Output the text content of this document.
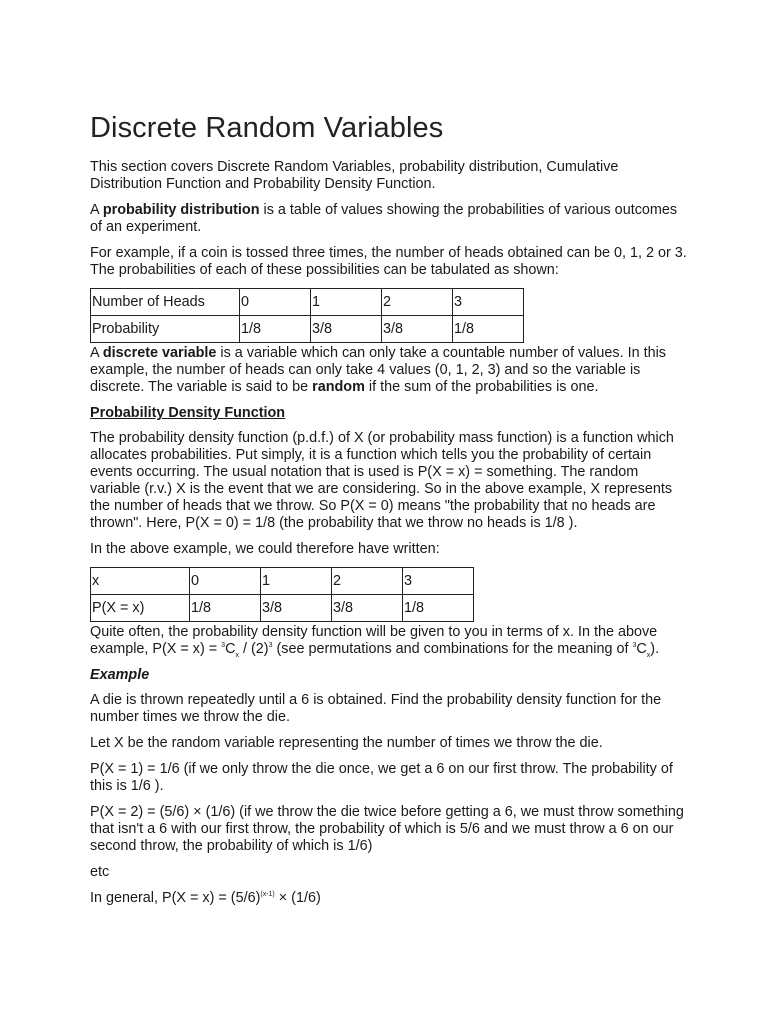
Discrete Random Variables

This section covers Discrete Random Variables, probability distribution, Cumulative Distribution Function and Probability Density Function.

A probability distribution is a table of values showing the probabilities of various outcomes of an experiment.

For example, if a coin is tossed three times, the number of heads obtained can be 0, 1, 2 or 3. The probabilities of each of these possibilities can be tabulated as shown:

Number of Heads	0	1	2	3
Probability	1/8	3/8	3/8	1/8

A discrete variable is a variable which can only take a countable number of values. In this example, the number of heads can only take 4 values (0, 1, 2, 3) and so the variable is discrete. The variable is said to be random if the sum of the probabilities is one.

Probability Density Function

The probability density function (p.d.f.) of X (or probability mass function) is a function which allocates probabilities. Put simply, it is a function which tells you the probability of certain events occurring. The usual notation that is used is P(X = x) = something. The random variable (r.v.) X is the event that we are considering. So in the above example, X represents the number of heads that we throw. So P(X = 0) means "the probability that no heads are thrown". Here, P(X = 0) = 1/8 (the probability that we throw no heads is 1/8 ).

In the above example, we could therefore have written:

x	0	1	2	3
P(X = x)	1/8	3/8	3/8	1/8

Quite often, the probability density function will be given to you in terms of x. In the above example, $P(X = x) = ^3C_x / (2)^3$ (see permutations and combinations for the meaning of $^3C_x$).

Example

A die is thrown repeatedly until a 6 is obtained. Find the probability density function for the number times we throw the die.

Let X be the random variable representing the number of times we throw the die.

P(X = 1) = 1/6 (if we only throw the die once, we get a 6 on our first throw. The probability of this is 1/6 ).

P(X = 2) = (5/6) × (1/6) (if we throw the die twice before getting a 6, we must throw something that isn't a 6 with our first throw, the probability of which is 5/6 and we must throw a 6 on our second throw, the probability of which is 1/6)

etc

In general, $P(X = x) = (5/6)^{(x-1)} \times (1/6)$
